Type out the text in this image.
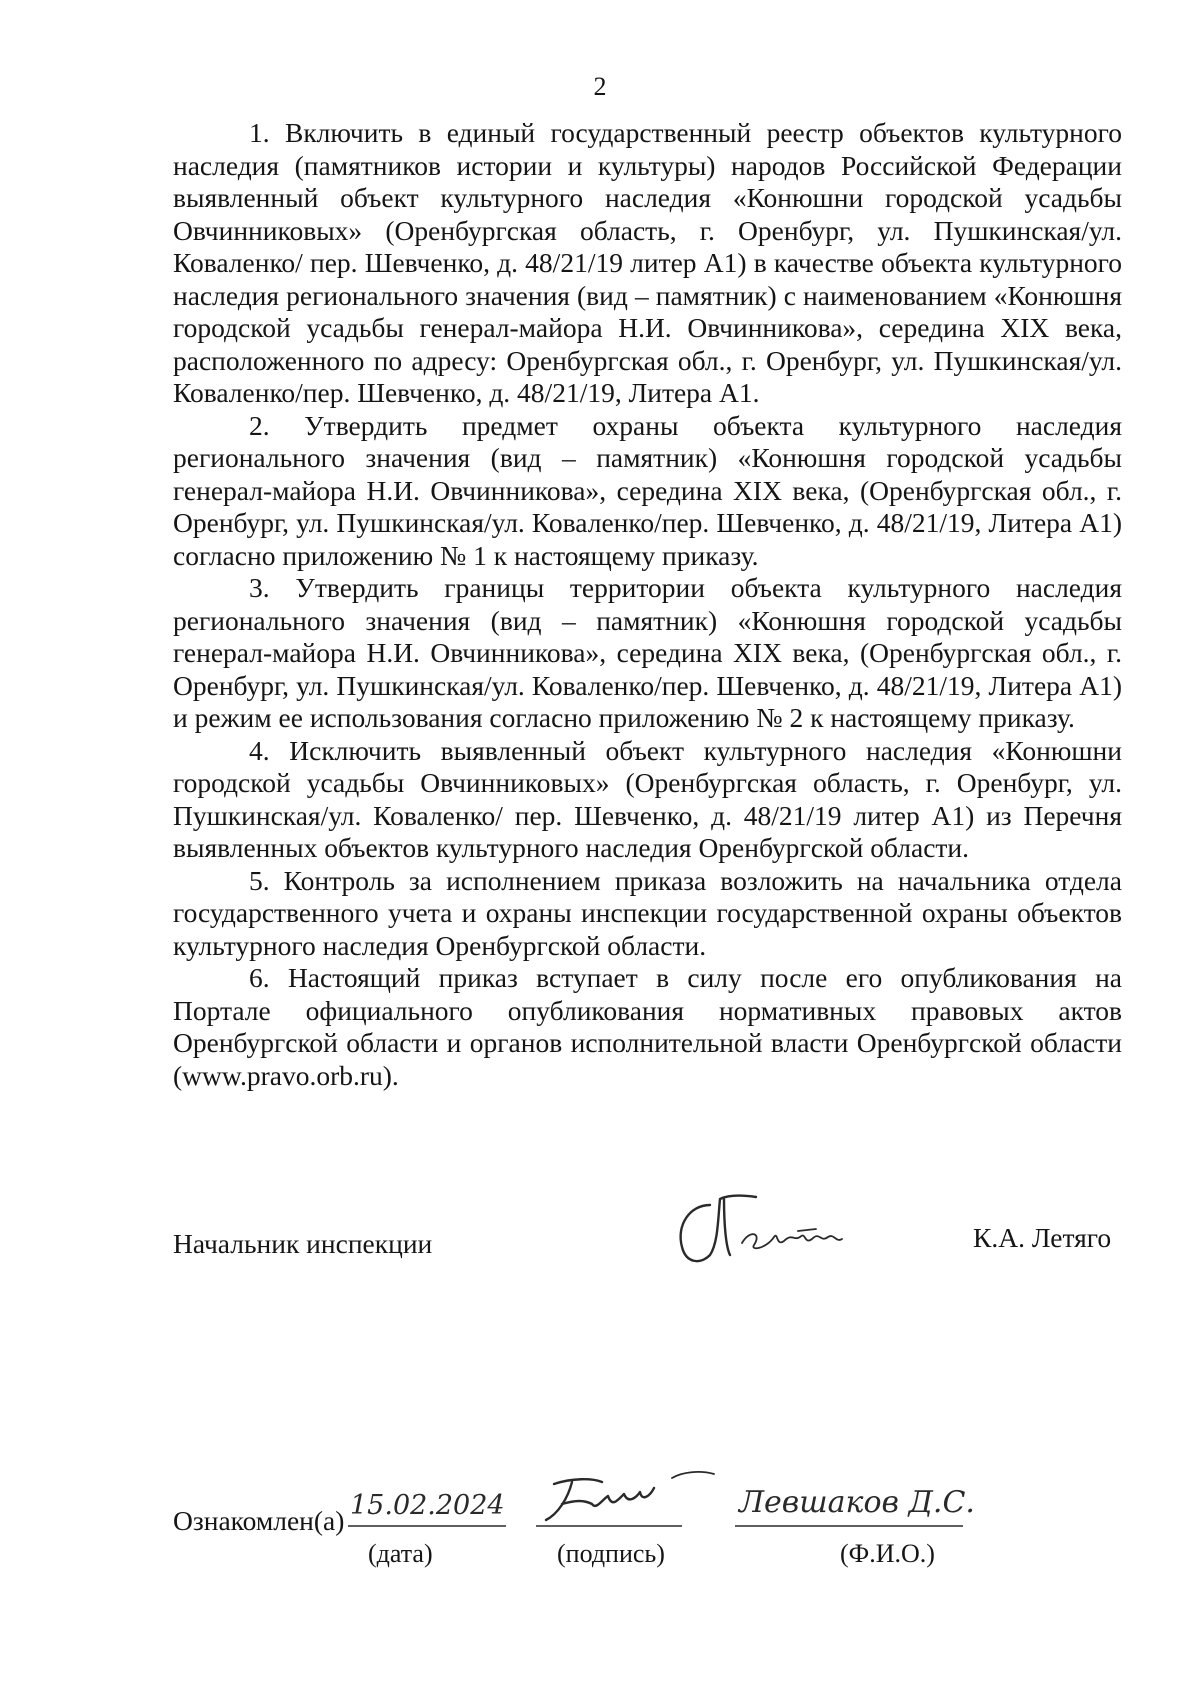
2

1. Включить в единый государственный реестр объектов культурного наследия (памятников истории и культуры) народов Российской Федерации выявленный объект культурного наследия «Конюшни городской усадьбы Овчинниковых» (Оренбургская область, г. Оренбург, ул. Пушкинская/ул. Коваленко/ пер. Шевченко, д. 48/21/19 литер А1) в качестве объекта культурного наследия регионального значения (вид – памятник) с наименованием «Конюшня городской усадьбы генерал-майора Н.И. Овчинникова», середина XIX века, расположенного по адресу: Оренбургская обл., г. Оренбург, ул. Пушкинская/ул. Коваленко/пер. Шевченко, д. 48/21/19, Литера А1.

2. Утвердить предмет охраны объекта культурного наследия регионального значения (вид – памятник) «Конюшня городской усадьбы генерал-майора Н.И. Овчинникова», середина XIX века, (Оренбургская обл., г. Оренбург, ул. Пушкинская/ул. Коваленко/пер. Шевченко, д. 48/21/19, Литера А1) согласно приложению № 1 к настоящему приказу.

3. Утвердить границы территории объекта культурного наследия регионального значения (вид – памятник) «Конюшня городской усадьбы генерал-майора Н.И. Овчинникова», середина XIX века, (Оренбургская обл., г. Оренбург, ул. Пушкинская/ул. Коваленко/пер. Шевченко, д. 48/21/19, Литера А1) и режим ее использования согласно приложению № 2 к настоящему приказу.

4. Исключить выявленный объект культурного наследия «Конюшни городской усадьбы Овчинниковых» (Оренбургская область, г. Оренбург, ул. Пушкинская/ул. Коваленко/ пер. Шевченко, д. 48/21/19 литер А1) из Перечня выявленных объектов культурного наследия Оренбургской области.

5. Контроль за исполнением приказа возложить на начальника отдела государственного учета и охраны инспекции государственной охраны объектов культурного наследия Оренбургской области.

6. Настоящий приказ вступает в силу после его опубликования на Портале официального опубликования нормативных правовых актов Оренбургской области и органов исполнительной власти Оренбургской области (www.pravo.orb.ru).

Начальник инспекции	К.А. Летяго
Ознакомлен(а) 15.02.2024
(дата)	(подпись)
Левшаков Д.С.
(Ф.И.О.)
